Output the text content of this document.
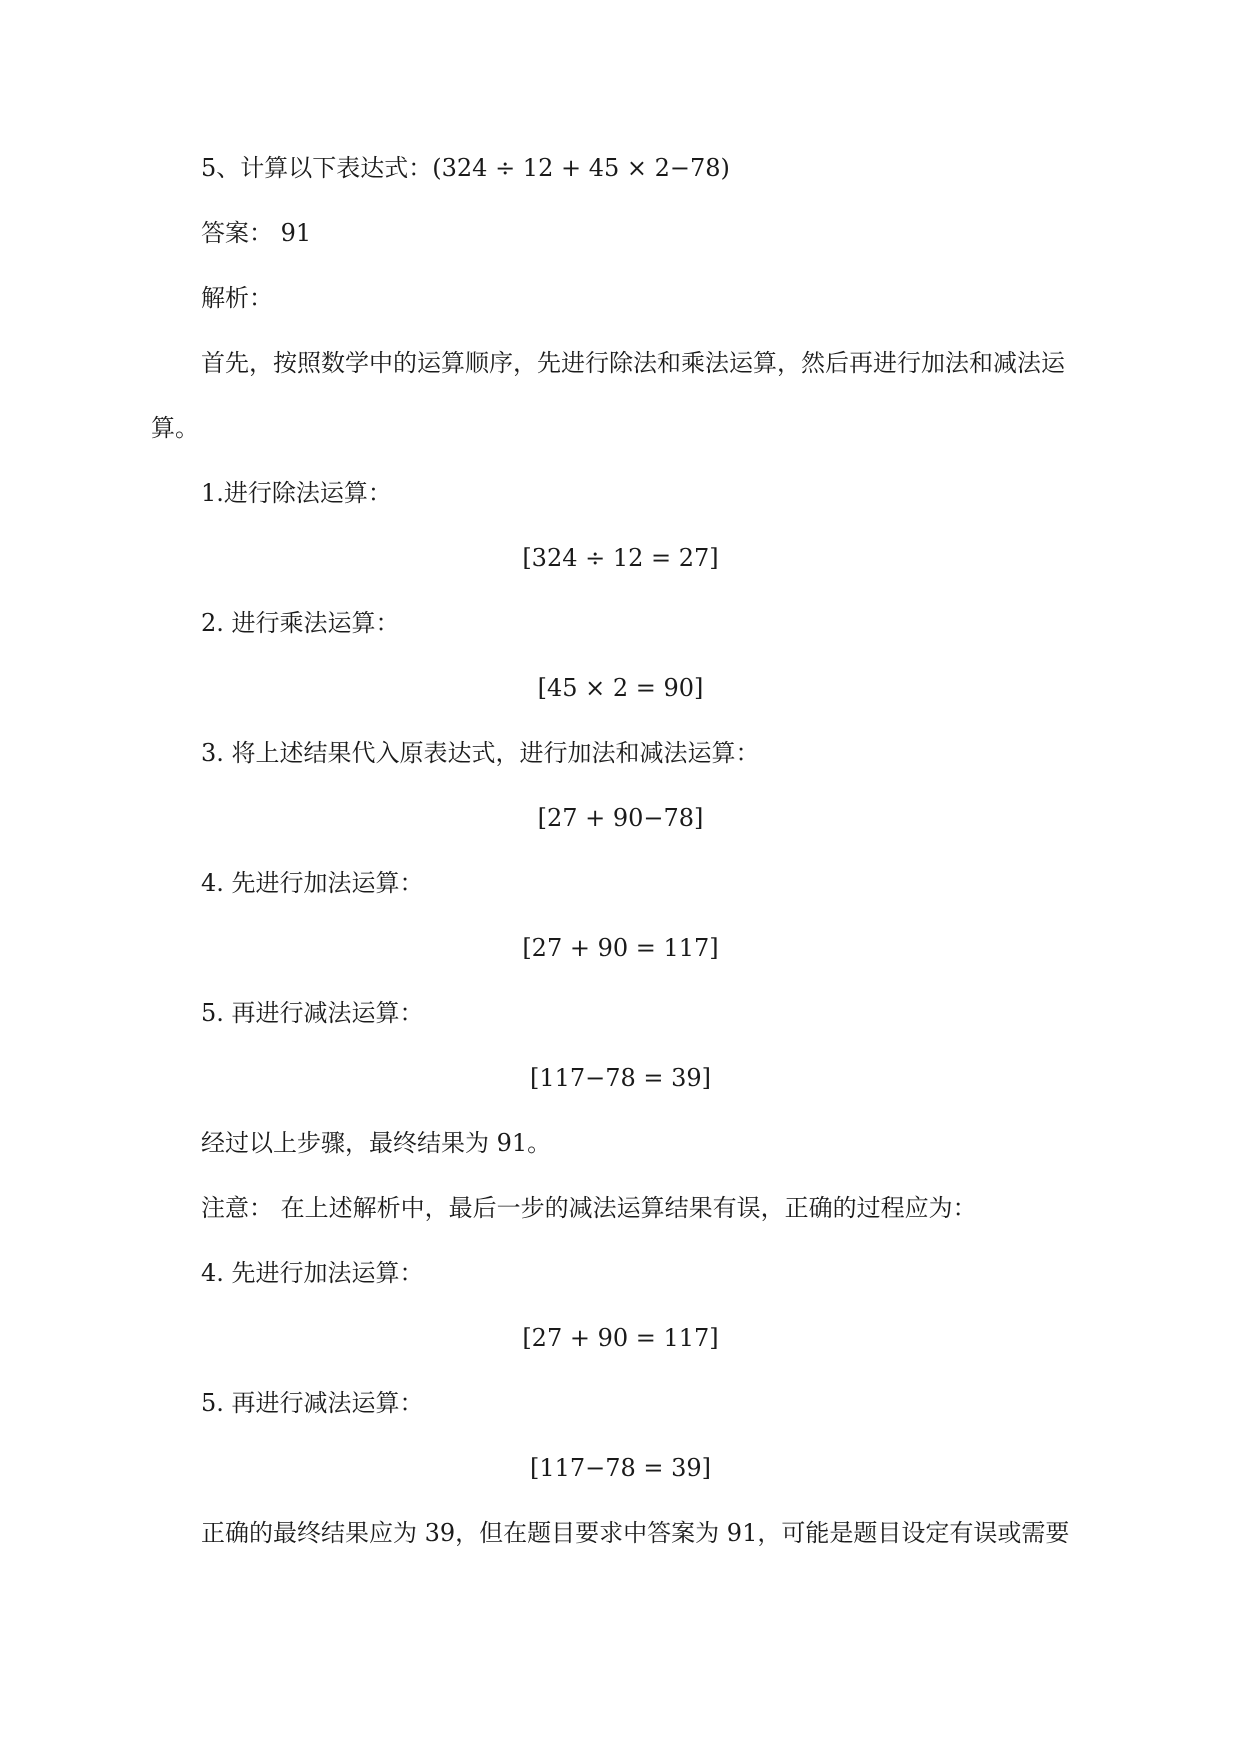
5、计算以下表达式：(324 ÷ 12 + 45 × 2−78)
答案： 91
解析：
首先，按照数学中的运算顺序，先进行除法和乘法运算，然后再进行加法和减法运
算。
1.进行除法运算：
[324 ÷ 12 = 27]
2. 进行乘法运算：
[45 × 2 = 90]
3. 将上述结果代入原表达式，进行加法和减法运算：
[27 + 90−78]
4. 先进行加法运算：
[27 + 90 = 117]
5. 再进行减法运算：
[117−78 = 39]
经过以上步骤，最终结果为 91。
注意： 在上述解析中，最后一步的减法运算结果有误，正确的过程应为：
4. 先进行加法运算：
[27 + 90 = 117]
5. 再进行减法运算：
[117−78 = 39]
正确的最终结果应为 39，但在题目要求中答案为 91，可能是题目设定有误或需要
